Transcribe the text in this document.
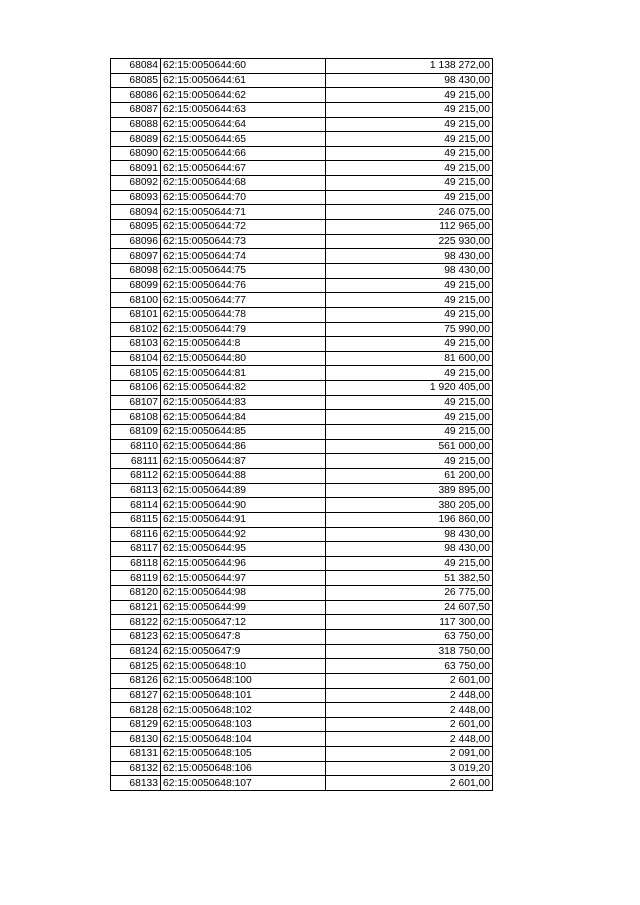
68084	62:15:0050644:60	1 138 272,00
68085	62:15:0050644:61	98 430,00
68086	62:15:0050644:62	49 215,00
68087	62:15:0050644:63	49 215,00
68088	62:15:0050644:64	49 215,00
68089	62:15:0050644:65	49 215,00
68090	62:15:0050644:66	49 215,00
68091	62:15:0050644:67	49 215,00
68092	62:15:0050644:68	49 215,00
68093	62:15:0050644:70	49 215,00
68094	62:15:0050644:71	246 075,00
68095	62:15:0050644:72	112 965,00
68096	62:15:0050644:73	225 930,00
68097	62:15:0050644:74	98 430,00
68098	62:15:0050644:75	98 430,00
68099	62:15:0050644:76	49 215,00
68100	62:15:0050644:77	49 215,00
68101	62:15:0050644:78	49 215,00
68102	62:15:0050644:79	75 990,00
68103	62:15:0050644:8	49 215,00
68104	62:15:0050644:80	81 600,00
68105	62:15:0050644:81	49 215,00
68106	62:15:0050644:82	1 920 405,00
68107	62:15:0050644:83	49 215,00
68108	62:15:0050644:84	49 215,00
68109	62:15:0050644:85	49 215,00
68110	62:15:0050644:86	561 000,00
68111	62:15:0050644:87	49 215,00
68112	62:15:0050644:88	61 200,00
68113	62:15:0050644:89	389 895,00
68114	62:15:0050644:90	380 205,00
68115	62:15:0050644:91	196 860,00
68116	62:15:0050644:92	98 430,00
68117	62:15:0050644:95	98 430,00
68118	62:15:0050644:96	49 215,00
68119	62:15:0050644:97	51 382,50
68120	62:15:0050644:98	26 775,00
68121	62:15:0050644:99	24 607,50
68122	62:15:0050647:12	117 300,00
68123	62:15:0050647:8	63 750,00
68124	62:15:0050647:9	318 750,00
68125	62:15:0050648:10	63 750,00
68126	62:15:0050648:100	2 601,00
68127	62:15:0050648:101	2 448,00
68128	62:15:0050648:102	2 448,00
68129	62:15:0050648:103	2 601,00
68130	62:15:0050648:104	2 448,00
68131	62:15:0050648:105	2 091,00
68132	62:15:0050648:106	3 019,20
68133	62:15:0050648:107	2 601,00
